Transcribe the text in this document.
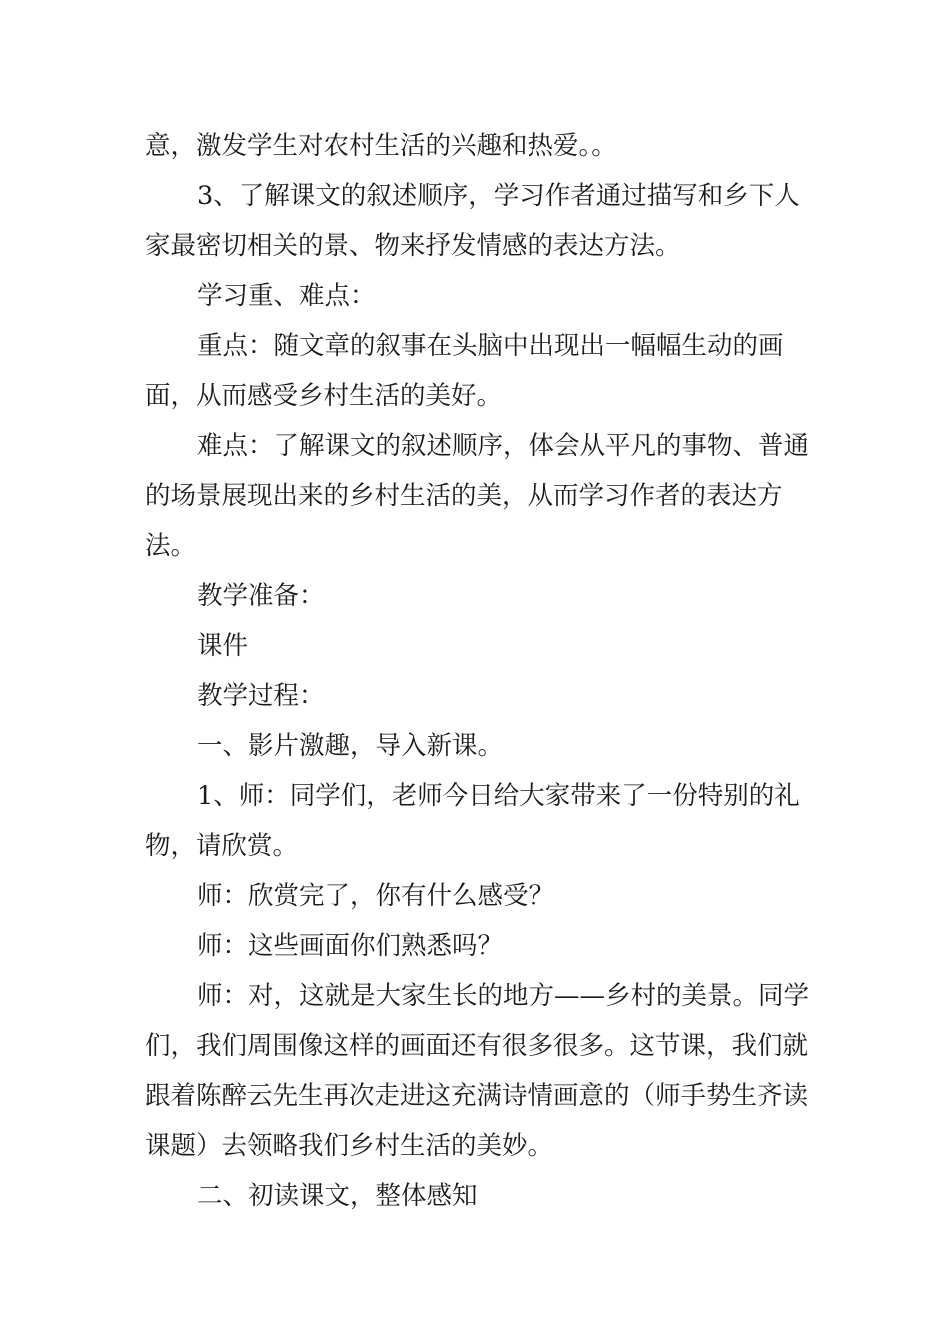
意，激发学生对农村生活的兴趣和热爱。。

3、了解课文的叙述顺序，学习作者通过描写和乡下人家最密切相关的景、物来抒发情感的表达方法。

学习重、难点：

重点：随文章的叙事在头脑中出现出一幅幅生动的画面，从而感受乡村生活的美好。

难点：了解课文的叙述顺序，体会从平凡的事物、普通的场景展现出来的乡村生活的美，从而学习作者的表达方法。

教学准备：

课件

教学过程：

一、影片激趣，导入新课。

1、师：同学们，老师今日给大家带来了一份特别的礼物，请欣赏。

师：欣赏完了，你有什么感受？

师：这些画面你们熟悉吗？

师：对，这就是大家生长的地方——乡村的美景。同学们，我们周围像这样的画面还有很多很多。这节课，我们就跟着陈醉云先生再次走进这充满诗情画意的（师手势生齐读课题）去领略我们乡村生活的美妙。

二、初读课文，整体感知
